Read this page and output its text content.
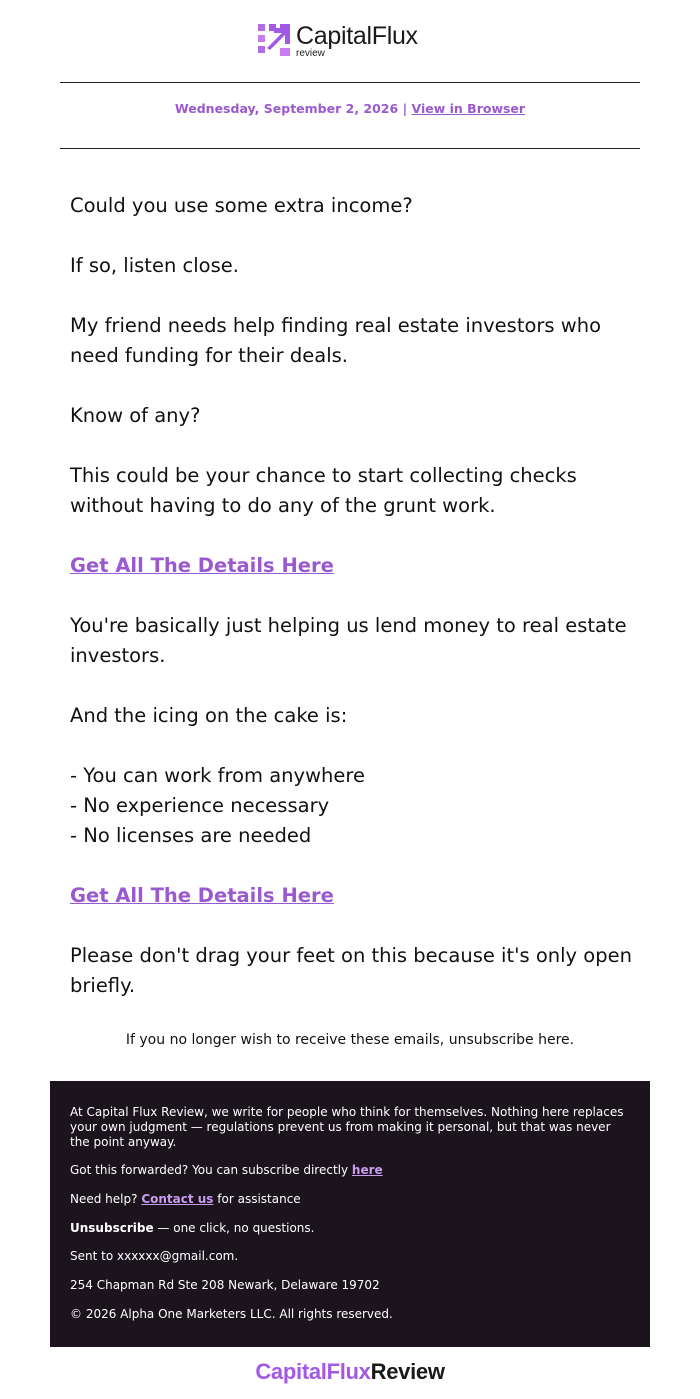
CapitalFlux
review
Wednesday, September 2, 2026 | View in Browser

Could you use some extra income?

If so, listen close.

My friend needs help finding real estate investors who need funding for their deals.

Know of any?

This could be your chance to start collecting checks without having to do any of the grunt work.

Get All The Details Here

You're basically just helping us lend money to real estate investors.

And the icing on the cake is:

- You can work from anywhere
- No experience necessary
- No licenses are needed
Get All The Details Here

Please don't drag your feet on this because it's only open briefly.

If you no longer wish to receive these emails, unsubscribe here.

At Capital Flux Review, we write for people who think for themselves. Nothing here replaces your own judgment — regulations prevent us from making it personal, but that was never the point anyway.

Got this forwarded? You can subscribe directly here

Need help? Contact us for assistance

Unsubscribe — one click, no questions.

Sent to xxxxxx@gmail.com.

254 Chapman Rd Ste 208 Newark, Delaware 19702

© 2026 Alpha One Marketers LLC. All rights reserved.

CapitalFluxReview
